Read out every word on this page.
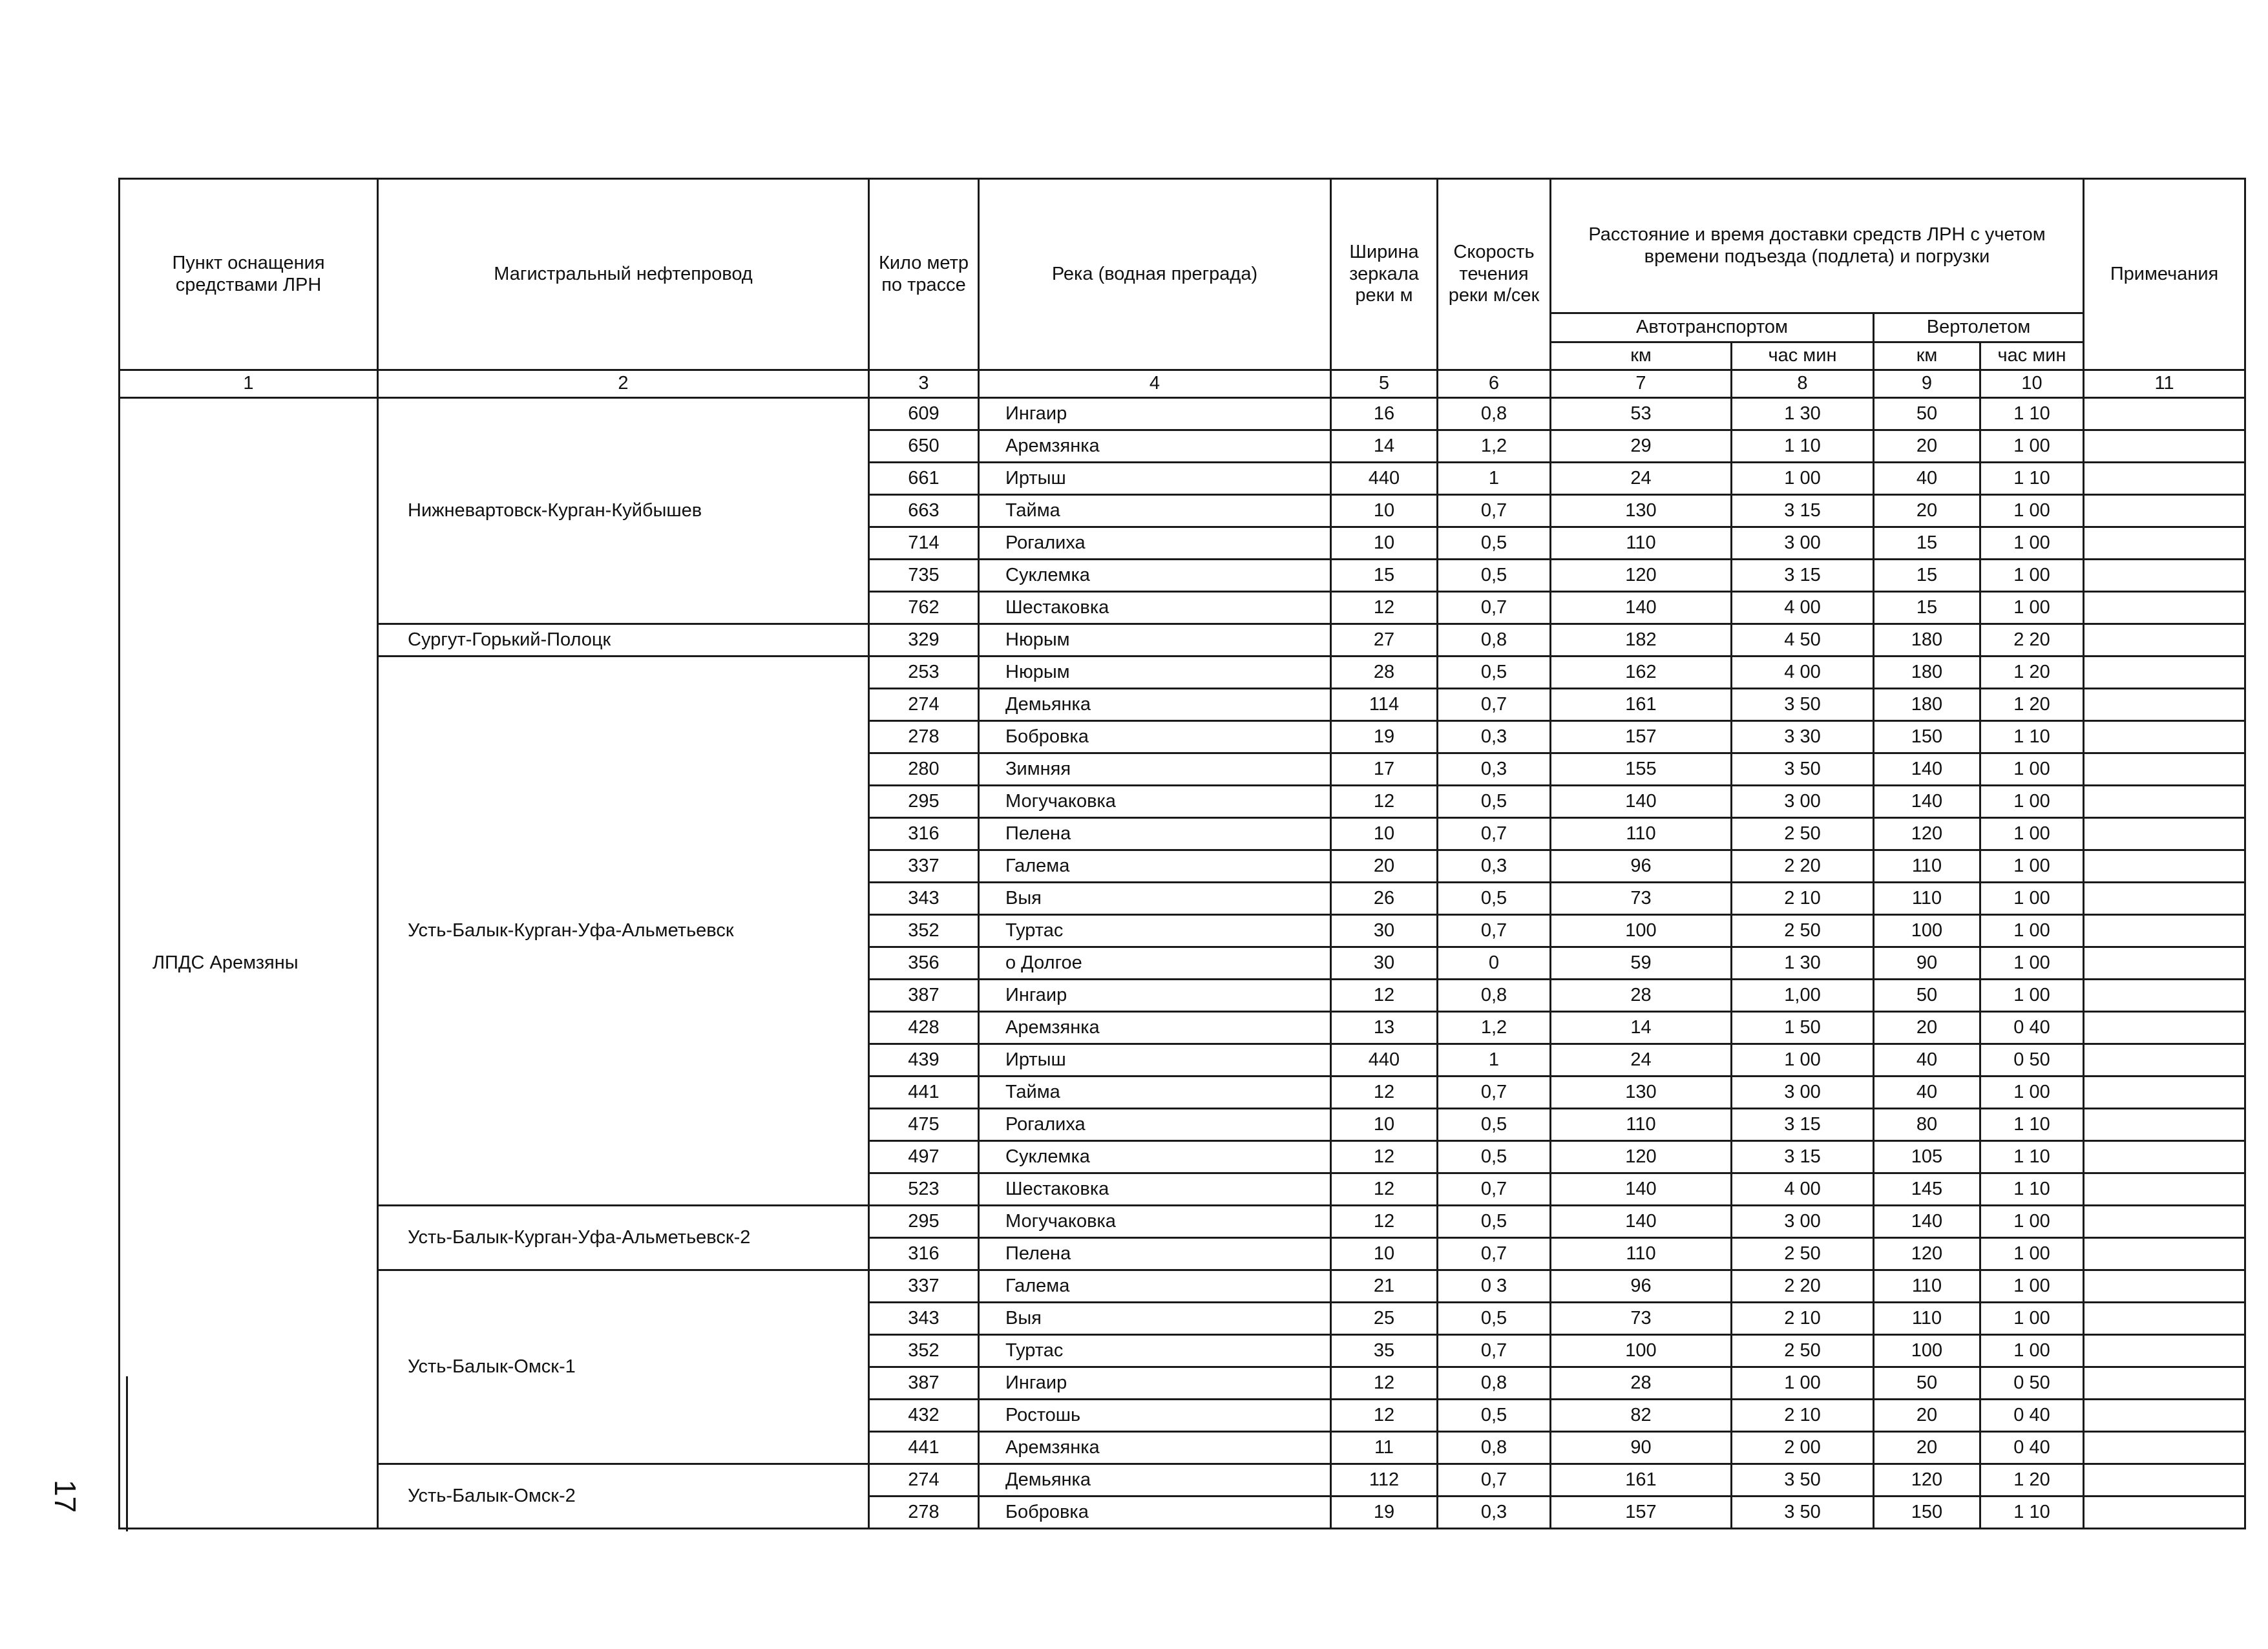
Пункт оснащения средствами ЛРН	Магистральный нефтепровод	Кило метр по трассе	Река (водная преграда)	Ширина зеркала реки м	Скорость течения реки м/сек	Расстояние и время доставки средств ЛРН с учетом времени подъезда (подлета) и погрузки				Примечания
						Автотранспортом		Вертолетом		
						км	час мин	км	час мин	
1	2	3	4	5	6	7	8	9	10	11
ЛПДС Аремзяны	Нижневартовск-Курган-Куйбышев	609	Ингаир	16	0,8	53	1 30	50	1 10	
		650	Аремзянка	14	1,2	29	1 10	20	1 00	
		661	Иртыш	440	1	24	1 00	40	1 10	
		663	Тайма	10	0,7	130	3 15	20	1 00	
		714	Рогалиха	10	0,5	110	3 00	15	1 00	
		735	Суклемка	15	0,5	120	3 15	15	1 00	
		762	Шестаковка	12	0,7	140	4 00	15	1 00	
	Сургут-Горький-Полоцк	329	Нюрым	27	0,8	182	4 50	180	2 20	
	Усть-Балык-Курган-Уфа-Альметьевск	253	Нюрым	28	0,5	162	4 00	180	1 20	
		274	Демьянка	114	0,7	161	3 50	180	1 20	
		278	Бобровка	19	0,3	157	3 30	150	1 10	
		280	Зимняя	17	0,3	155	3 50	140	1 00	
		295	Могучаковка	12	0,5	140	3 00	140	1 00	
		316	Пелена	10	0,7	110	2 50	120	1 00	
		337	Галема	20	0,3	96	2 20	110	1 00	
		343	Выя	26	0,5	73	2 10	110	1 00	
		352	Туртас	30	0,7	100	2 50	100	1 00	
		356	о Долгое	30	0	59	1 30	90	1 00	
		387	Ингаир	12	0,8	28	1,00	50	1 00	
		428	Аремзянка	13	1,2	14	1 50	20	0 40	
		439	Иртыш	440	1	24	1 00	40	0 50	
		441	Тайма	12	0,7	130	3 00	40	1 00	
		475	Рогалиха	10	0,5	110	3 15	80	1 10	
		497	Суклемка	12	0,5	120	3 15	105	1 10	
		523	Шестаковка	12	0,7	140	4 00	145	1 10	
	Усть-Балык-Курган-Уфа-Альметьевск-2	295	Могучаковка	12	0,5	140	3 00	140	1 00	
		316	Пелена	10	0,7	110	2 50	120	1 00	
	Усть-Балык-Омск-1	337	Галема	21	0 3	96	2 20	110	1 00	
		343	Выя	25	0,5	73	2 10	110	1 00	
		352	Туртас	35	0,7	100	2 50	100	1 00	
		387	Ингаир	12	0,8	28	1 00	50	0 50	
		432	Ростошь	12	0,5	82	2 10	20	0 40	
		441	Аремзянка	11	0,8	90	2 00	20	0 40	
	Усть-Балык-Омск-2	274	Демьянка	112	0,7	161	3 50	120	1 20	
		278	Бобровка	19	0,3	157	3 50	150	1 10	
17
